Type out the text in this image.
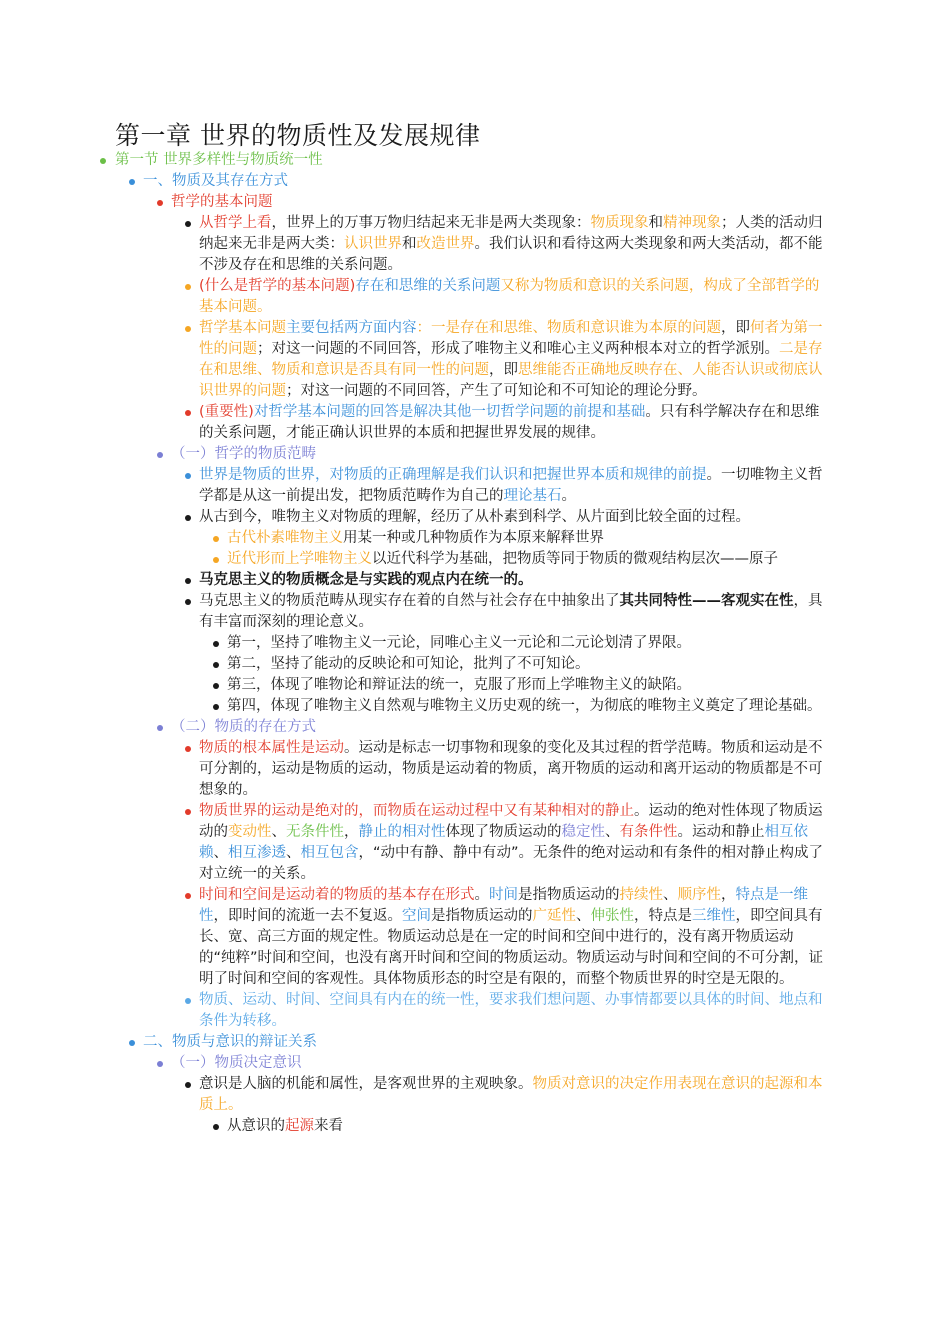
第一章 世界的物质性及发展规律
第一节 世界多样性与物质统一性
一、物质及其存在方式
哲学的基本问题
从哲学上看，世界上的万事万物归结起来无非是两大类现象：物质现象和精神现象；人类的活动归纳起来无非是两大类：认识世界和改造世界。我们认识和看待这两大类现象和两大类活动，都不能不涉及存在和思维的关系问题。
(什么是哲学的基本问题)存在和思维的关系问题又称为物质和意识的关系问题，构成了全部哲学的基本问题。
哲学基本问题主要包括两方面内容：一是存在和思维、物质和意识谁为本原的问题，即何者为第一性的问题；对这一问题的不同回答，形成了唯物主义和唯心主义两种根本对立的哲学派别。二是存在和思维、物质和意识是否具有同一性的问题，即思维能否正确地反映存在、人能否认识或彻底认识世界的问题；对这一问题的不同回答，产生了可知论和不可知论的理论分野。
(重要性)对哲学基本问题的回答是解决其他一切哲学问题的前提和基础。只有科学解决存在和思维的关系问题，才能正确认识世界的本质和把握世界发展的规律。
（一）哲学的物质范畴
世界是物质的世界，对物质的正确理解是我们认识和把握世界本质和规律的前提。一切唯物主义哲学都是从这一前提出发，把物质范畴作为自己的理论基石。
从古到今，唯物主义对物质的理解，经历了从朴素到科学、从片面到比较全面的过程。
古代朴素唯物主义用某一种或几种物质作为本原来解释世界
近代形而上学唯物主义以近代科学为基础，把物质等同于物质的微观结构层次——原子
马克思主义的物质概念是与实践的观点内在统一的。
马克思主义的物质范畴从现实存在着的自然与社会存在中抽象出了其共同特性——客观实在性，具有丰富而深刻的理论意义。
第一，坚持了唯物主义一元论，同唯心主义一元论和二元论划清了界限。
第二，坚持了能动的反映论和可知论，批判了不可知论。
第三，体现了唯物论和辩证法的统一，克服了形而上学唯物主义的缺陷。
第四，体现了唯物主义自然观与唯物主义历史观的统一，为彻底的唯物主义奠定了理论基础。
（二）物质的存在方式
物质的根本属性是运动。运动是标志一切事物和现象的变化及其过程的哲学范畴。物质和运动是不可分割的，运动是物质的运动，物质是运动着的物质，离开物质的运动和离开运动的物质都是不可想象的。
物质世界的运动是绝对的，而物质在运动过程中又有某种相对的静止。运动的绝对性体现了物质运动的变动性、无条件性，静止的相对性体现了物质运动的稳定性、有条件性。运动和静止相互依赖、相互渗透、相互包含，“动中有静、静中有动”。无条件的绝对运动和有条件的相对静止构成了对立统一的关系。
时间和空间是运动着的物质的基本存在形式。时间是指物质运动的持续性、顺序性，特点是一维性，即时间的流逝一去不复返。空间是指物质运动的广延性、伸张性，特点是三维性，即空间具有长、宽、高三方面的规定性。物质运动总是在一定的时间和空间中进行的，没有离开物质运动的“纯粹”时间和空间，也没有离开时间和空间的物质运动。物质运动与时间和空间的不可分割，证明了时间和空间的客观性。具体物质形态的时空是有限的，而整个物质世界的时空是无限的。
物质、运动、时间、空间具有内在的统一性，要求我们想问题、办事情都要以具体的时间、地点和条件为转移。
二、物质与意识的辩证关系
（一）物质决定意识
意识是人脑的机能和属性，是客观世界的主观映象。物质对意识的决定作用表现在意识的起源和本质上。
从意识的起源来看
